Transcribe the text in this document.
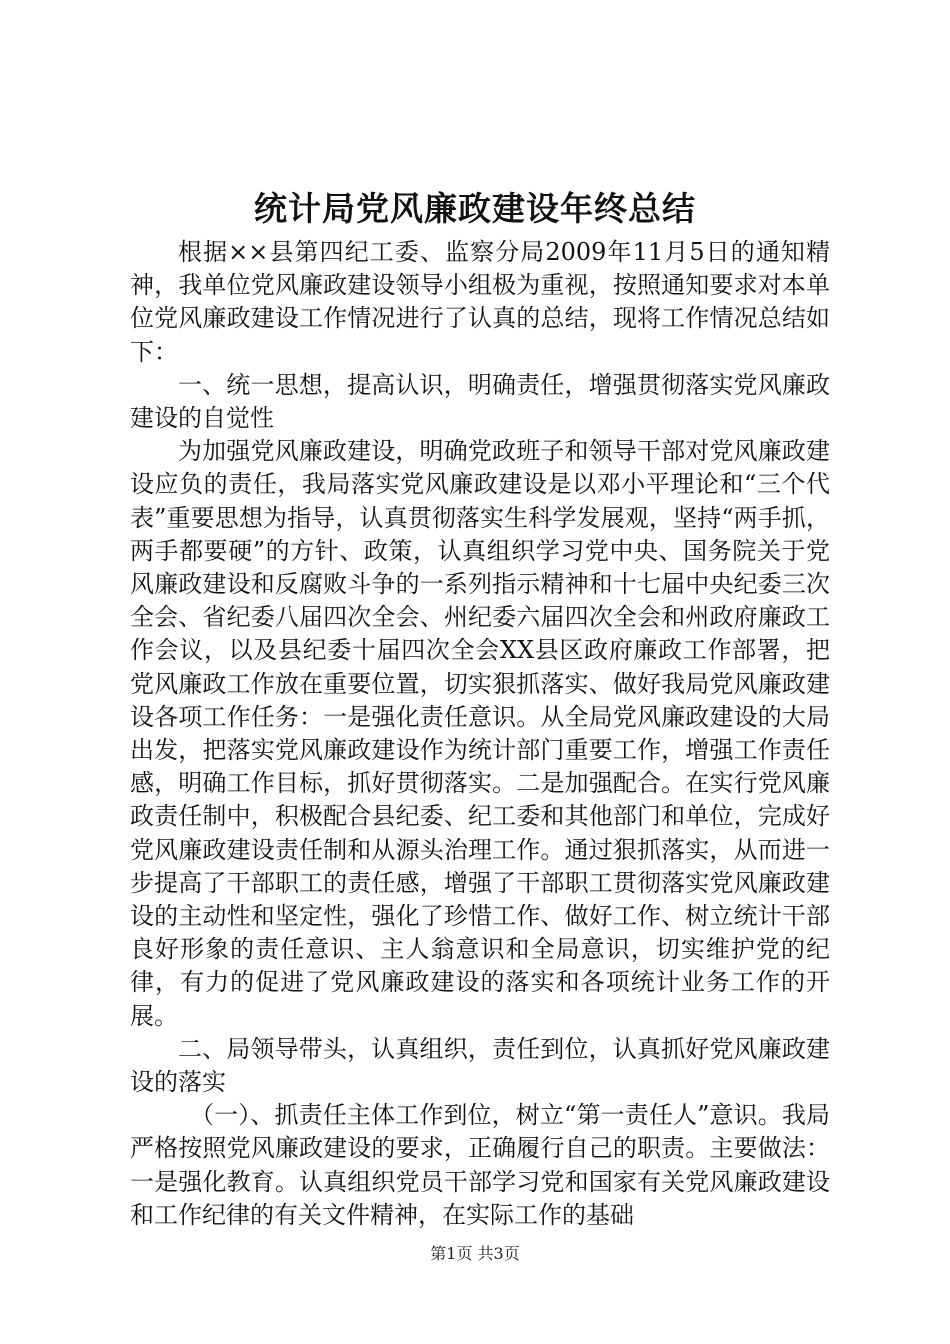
统计局党风廉政建设年终总结

根据××县第四纪工委、监察分局2009年11月5日的通知精神，我单位党风廉政建设领导小组极为重视，按照通知要求对本单位党风廉政建设工作情况进行了认真的总结，现将工作情况总结如下：

一、统一思想，提高认识，明确责任，增强贯彻落实党风廉政建设的自觉性

为加强党风廉政建设，明确党政班子和领导干部对党风廉政建设应负的责任，我局落实党风廉政建设是以邓小平理论和“三个代表”重要思想为指导，认真贯彻落实生科学发展观，坚持“两手抓，两手都要硬”的方针、政策，认真组织学习党中央、国务院关于党风廉政建设和反腐败斗争的一系列指示精神和十七届中央纪委三次全会、省纪委八届四次全会、州纪委六届四次全会和州政府廉政工作会议，以及县纪委十届四次全会XX县区政府廉政工作部署，把党风廉政工作放在重要位置，切实狠抓落实、做好我局党风廉政建设各项工作任务：一是强化责任意识。从全局党风廉政建设的大局出发，把落实党风廉政建设作为统计部门重要工作，增强工作责任感，明确工作目标，抓好贯彻落实。二是加强配合。在实行党风廉政责任制中，积极配合县纪委、纪工委和其他部门和单位，完成好党风廉政建设责任制和从源头治理工作。通过狠抓落实，从而进一步提高了干部职工的责任感，增强了干部职工贯彻落实党风廉政建设的主动性和坚定性，强化了珍惜工作、做好工作、树立统计干部良好形象的责任意识、主人翁意识和全局意识，切实维护党的纪律，有力的促进了党风廉政建设的落实和各项统计业务工作的开展。

二、局领导带头，认真组织，责任到位，认真抓好党风廉政建设的落实

（一）、抓责任主体工作到位，树立“第一责任人”意识。我局严格按照党风廉政建设的要求，正确履行自己的职责。主要做法：一是强化教育。认真组织党员干部学习党和国家有关党风廉政建设和工作纪律的有关文件精神，在实际工作的基础

第1页 共3页
